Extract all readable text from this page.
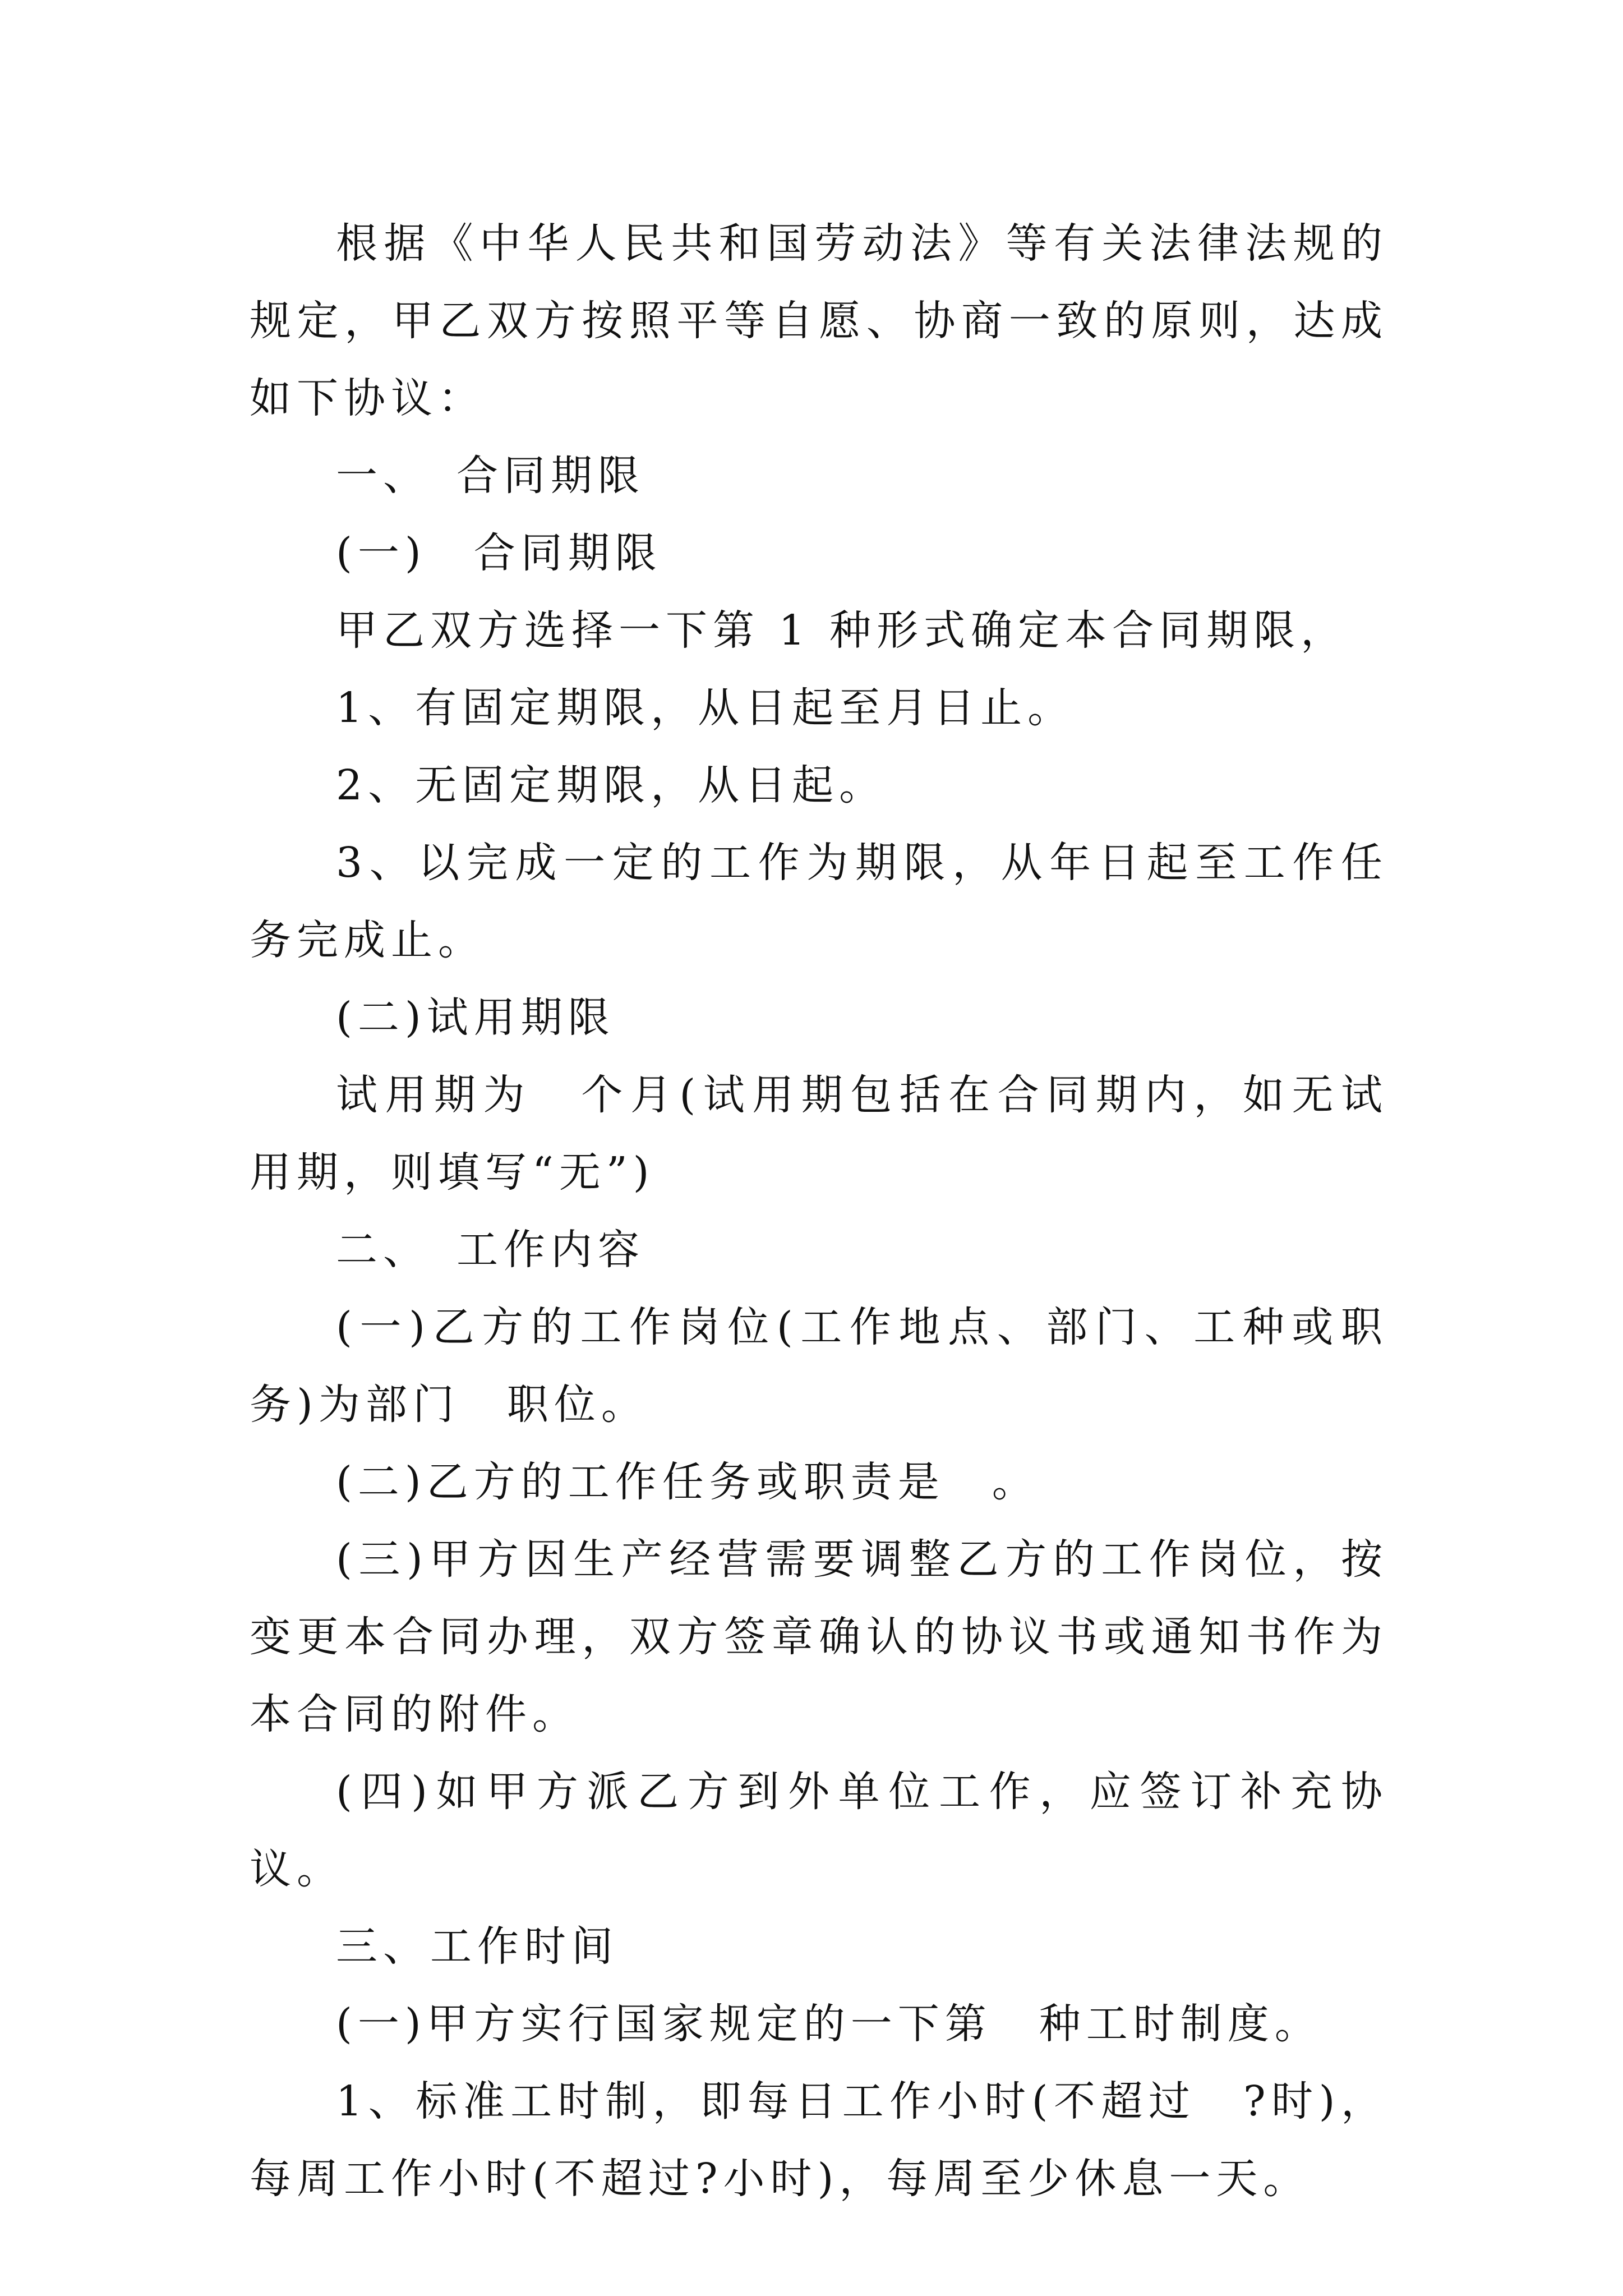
根据《中华人民共和国劳动法》等有关法律法规的规定，甲乙双方按照平等自愿、协商一致的原则，达成如下协议：

一、　合同期限

(一)　合同期限

甲乙双方选择一下第 1 种形式确定本合同期限，

1、有固定期限，从日起至月日止。

2、无固定期限，从日起。

3、以完成一定的工作为期限，从年日起至工作任务完成止。

(二)试用期限

试用期为　个月(试用期包括在合同期内，如无试用期，则填写“无”)

二、　工作内容

(一)乙方的工作岗位(工作地点、部门、工种或职务)为部门　职位。

(二)乙方的工作任务或职责是　。

(三)甲方因生产经营需要调整乙方的工作岗位，按变更本合同办理，双方签章确认的协议书或通知书作为本合同的附件。

(四)如甲方派乙方到外单位工作，应签订补充协议。

三、工作时间

(一)甲方实行国家规定的一下第　种工时制度。

1、标准工时制，即每日工作小时(不超过　?时)，每周工作小时(不超过?小时)，每周至少休息一天。
